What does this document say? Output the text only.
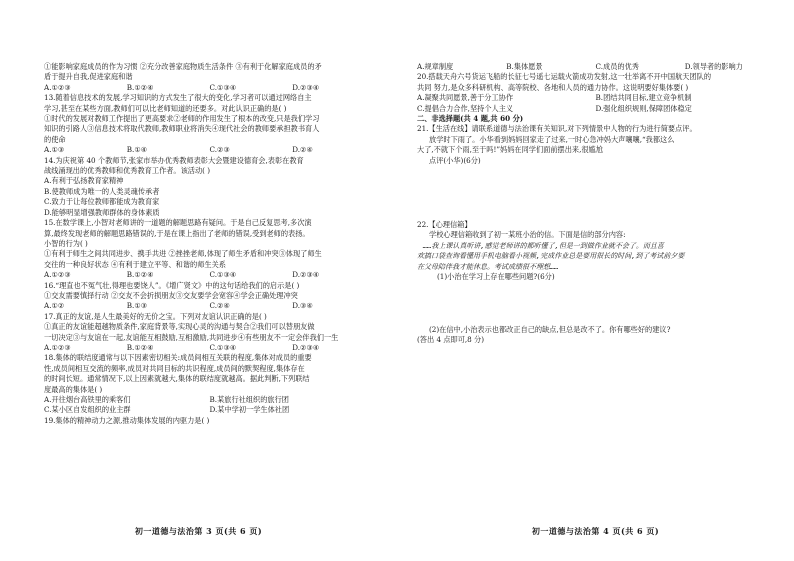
①能影响家庭成员的作为习惯 ②充分改善家庭物质生活条件 ③有利于化解家庭成员的矛
盾于提升自我,促进家庭和谐
A.①②③	B.①②④	C.①③④	D.②③④
13.随着信息技术的发展,学习知识的方式发生了很大的变化,学习者可以通过网络自主
学习,甚至在某些方面,教师们可以比老师知道的还要多。对此认识正确的是( )
①时代的发展对教师工作提出了更高要求②老师的作用发生了根本的改变,只是我们学习
知识的引路人③信息技术将取代教师,教师职业将消失④现代社会的教师要承担教书育人
的使命
A.①③	B.①④	C.②③	D.②④
14.为庆祝第 40 个教师节,张家市举办优秀教师表彰大会暨建设德育会,表彰在教育
战线涌现出的优秀教师和优秀教育工作者。该活动( )
A.有利于弘扬教育家精神
B.使教师成为唯一的人类灵魂传承者
C.致力于让每位教师都能成为教育家
D.能够明显增强教师群体的身体素质
15.在数学课上,小智对老师讲的一道题的解题思路有疑问。于是自己反复思考,多次演
算,最终发现老师的解题思路错误的,于是在课上指出了老师的错误,受到老师的表扬。
小智的行为( )
①有利于师生之间共同进步、携手共进 ②挫挫老师,体现了师生矛盾和冲突③体现了师生
交往的一种良好状态 ④有利于建立平等、和谐的师生关系
A.①②③	B.①②④	C.①③④	D.②③④
16.“理直也不冤气壮,得理也要饶人”。《增广贤文》中的这句话给我们的启示是( )
①交友需要慎择行动 ②交友不会折损朋友③交友要学会宽容④学会正确处理冲突
A.①②	B.①③	C.②④	D.③④
17.真正的友谊,是人生最美好的无价之宝。下列对友谊认识正确的是( )
①真正的友谊能超越物质条件,家庭背景等,实现心灵的沟通与契合②我们可以替朋友做
一切决定③与友谊在一起,友谊能互相鼓励,互相激励,共同进步④有些朋友不一定会伴我们一生
A.①②③	B.①②④	C.①③④	D.②③④
18.集体的联结度通常与以下因素密切相关:成员间相互关联的程度,集体对成员的重要
性,成员间相互交流的频率,成员对共同目标的共识程度,成员间的默契程度,集体存在
的时间长短。通常情况下,以上因素就越大,集体的联结度就越高。据此判断,下列联结
度最高的集体是( )
A.开往烟台高铁里的乘客们	B.某旅行社组织的旅行团
C.某小区自发组织的业主群	D.某中学初一学生体社团
19.集体的精神动力之源,推动集体发展的内驱力是( )
初一道德与法治第 3 页(共 6 页)
A.规章制度	B.集体愿景	C.成员的优秀	D.领导者的影响力
20.搭载天舟六号货运飞船的长征七号遥七运载火箭成功发射,这一壮举离不开中国航天团队的
共同 努力,是众多科研机构、高等院校、各地和人员的通力协作。这说明要好集体要( )
A.凝聚共同愿景,善于分工协作	B.团结共同目标,建立竞争机制
C.提倡合力合作,坚持个人主义	D.强化组织规则,保障团体稳定
二、非选择题(共 4 题,共 60 分)
21.【生活在线】请联系道德与法治课有关知识,对下列情景中人物的行为进行简要点评。
放学时下雨了。小华看到妈妈回家走了过来,一时心急冲妈大声嚷嚷,“我都这么
大了,不就下个雨,至于吗!”妈妈在同学们面前摆出来,很尴尬
点评(小华)(6分)
22.【心理信箱】
学校心理信箱收到了初一某班小治的信。下面是信的部分内容:
……我上课认真听讲,感觉老师讲的都听懂了,但是一到做作业就不会了。而且喜
欢搞口袋查询看懂用手机电脑看小视频,完成作业总是要用很长的时间,到了考试前夕要
在父母陪伴我才能休息。考试成绩很不理想……
(1)小治在学习上存在哪些问题?(6分)
(2)在信中,小治表示也都改正自己的缺点,但总是改不了。你有哪些好的建议?
(答出 4 点即可,8 分)
初一道德与法治第 4 页(共 6 页)
